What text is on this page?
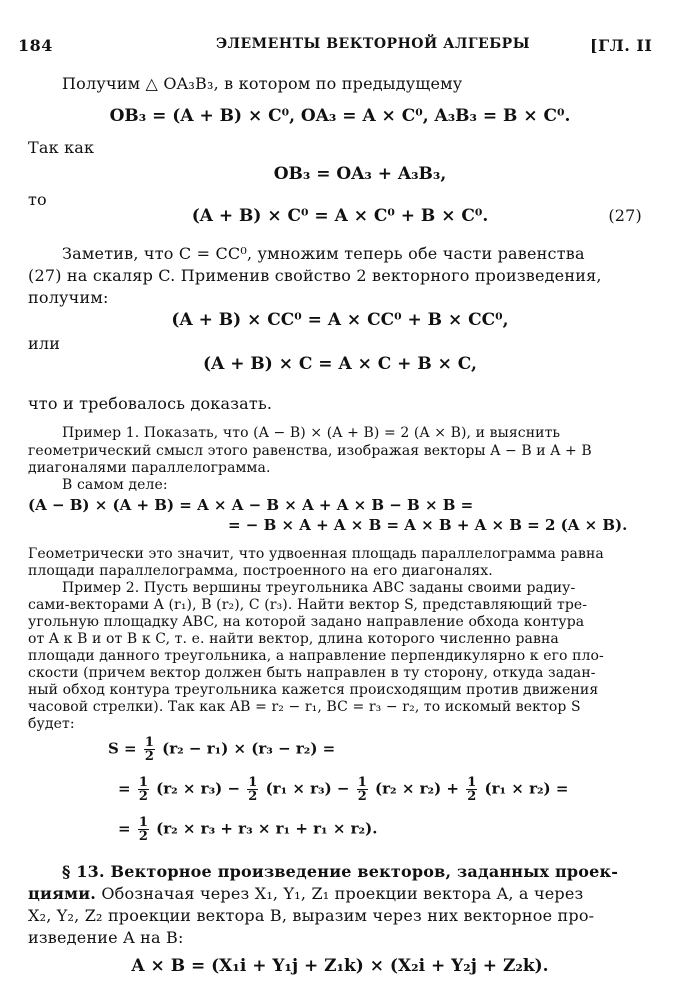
184	ЭЛЕМЕНТЫ ВЕКТОРНОЙ АЛГЕБРЫ	[ГЛ. II
Получим △ OA₃B₃, в котором по предыдущему
OB₃ = (A + B) × C⁰, OA₃ = A × C⁰, A₃B₃ = B × C⁰.
Так как
OB₃ = OA₃ + A₃B₃,
то
(A + B) × C⁰ = A × C⁰ + B × C⁰.	(27)
Заметив, что C = CC⁰, умножим теперь обе части равенства
(27) на скаляр C. Применив свойство 2 векторного произведения,
получим:
(A + B) × CC⁰ = A × CC⁰ + B × CC⁰,
или
(A + B) × C = A × C + B × C,
что и требовалось доказать.
Пример 1. Показать, что (A − B) × (A + B) = 2 (A × B), и выяснить
геометрический смысл этого равенства, изображая векторы A − B и A + B
диагоналями параллелограмма.
В самом деле:
(A − B) × (A + B) = A × A − B × A + A × B − B × B =
= − B × A + A × B = A × B + A × B = 2 (A × B).
Геометрически это значит, что удвоенная площадь параллелограмма равна
площади параллелограмма, построенного на его диагоналях.
Пример 2. Пусть вершины треугольника ABC заданы своими радиу-
сами-векторами A (r₁), B (r₂), C (r₃). Найти вектор S, представляющий тре-
угольную площадку ABC, на которой задано направление обхода контура
от A к B и от B к C, т. е. найти вектор, длина которого численно равна
площади данного треугольника, а направление перпендикулярно к его пло-
скости (причем вектор должен быть направлен в ту сторону, откуда задан-
ный обход контура треугольника кажется происходящим против движения
часовой стрелки). Так как AB = r₂ − r₁, BC = r₃ − r₂, то искомый вектор S
будет:
$S = \frac{1}{2} (r_2 - r_1) \times (r_3 - r_2)$ =
= $\frac{1}{2} (r_2 \times r_3) - \frac{1}{2} (r_1 \times r_3) - \frac{1}{2} (r_2 \times r_2) + \frac{1}{2} (r_1 \times r_2)$ =
= $\frac{1}{2} (r_2 \times r_3 + r_3 \times r_1 + r_1 \times r_2)$.
§ 13. Векторное произведение векторов, заданных проек-
циями. Обозначая через X₁, Y₁, Z₁ проекции вектора A, а через
X₂, Y₂, Z₂ проекции вектора B, выразим через них векторное про-
изведение A на B:
A × B = (X₁i + Y₁j + Z₁k) × (X₂i + Y₂j + Z₂k).
